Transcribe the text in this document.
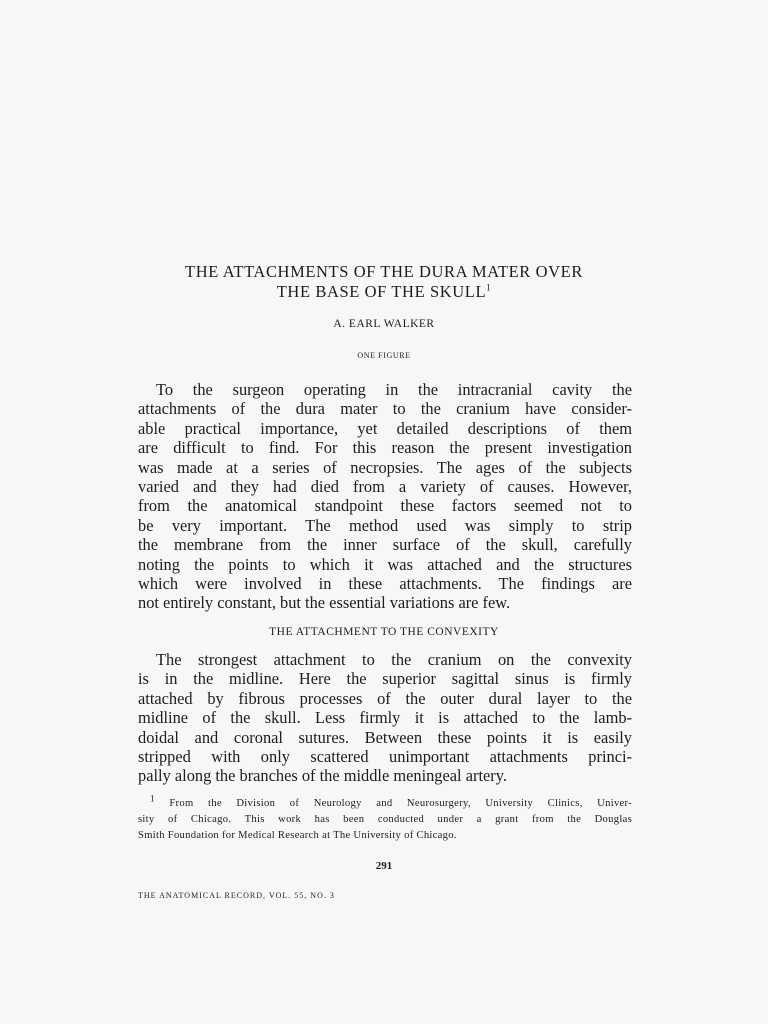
THE ATTACHMENTS OF THE DURA MATER OVER
THE BASE OF THE SKULL$^1$
A. EARL WALKER
ONE FIGURE
To the surgeon operating in the intracranial cavity the
attachments of the dura mater to the cranium have consider-
able practical importance, yet detailed descriptions of them
are difficult to find. For this reason the present investigation
was made at a series of necropsies. The ages of the subjects
varied and they had died from a variety of causes. However,
from the anatomical standpoint these factors seemed not to
be very important. The method used was simply to strip
the membrane from the inner surface of the skull, carefully
noting the points to which it was attached and the structures
which were involved in these attachments. The findings are
not entirely constant, but the essential variations are few.
THE ATTACHMENT TO THE CONVEXITY
The strongest attachment to the cranium on the convexity
is in the midline. Here the superior sagittal sinus is firmly
attached by fibrous processes of the outer dural layer to the
midline of the skull. Less firmly it is attached to the lamb-
doidal and coronal sutures. Between these points it is easily
stripped with only scattered unimportant attachments princi-
pally along the branches of the middle meningeal artery.
$^1$ From the Division of Neurology and Neurosurgery, University Clinics, Univer-
sity of Chicago. This work has been conducted under a grant from the Douglas
Smith Foundation for Medical Research at The University of Chicago.
291
THE ANATOMICAL RECORD, VOL. 55, NO. 3
